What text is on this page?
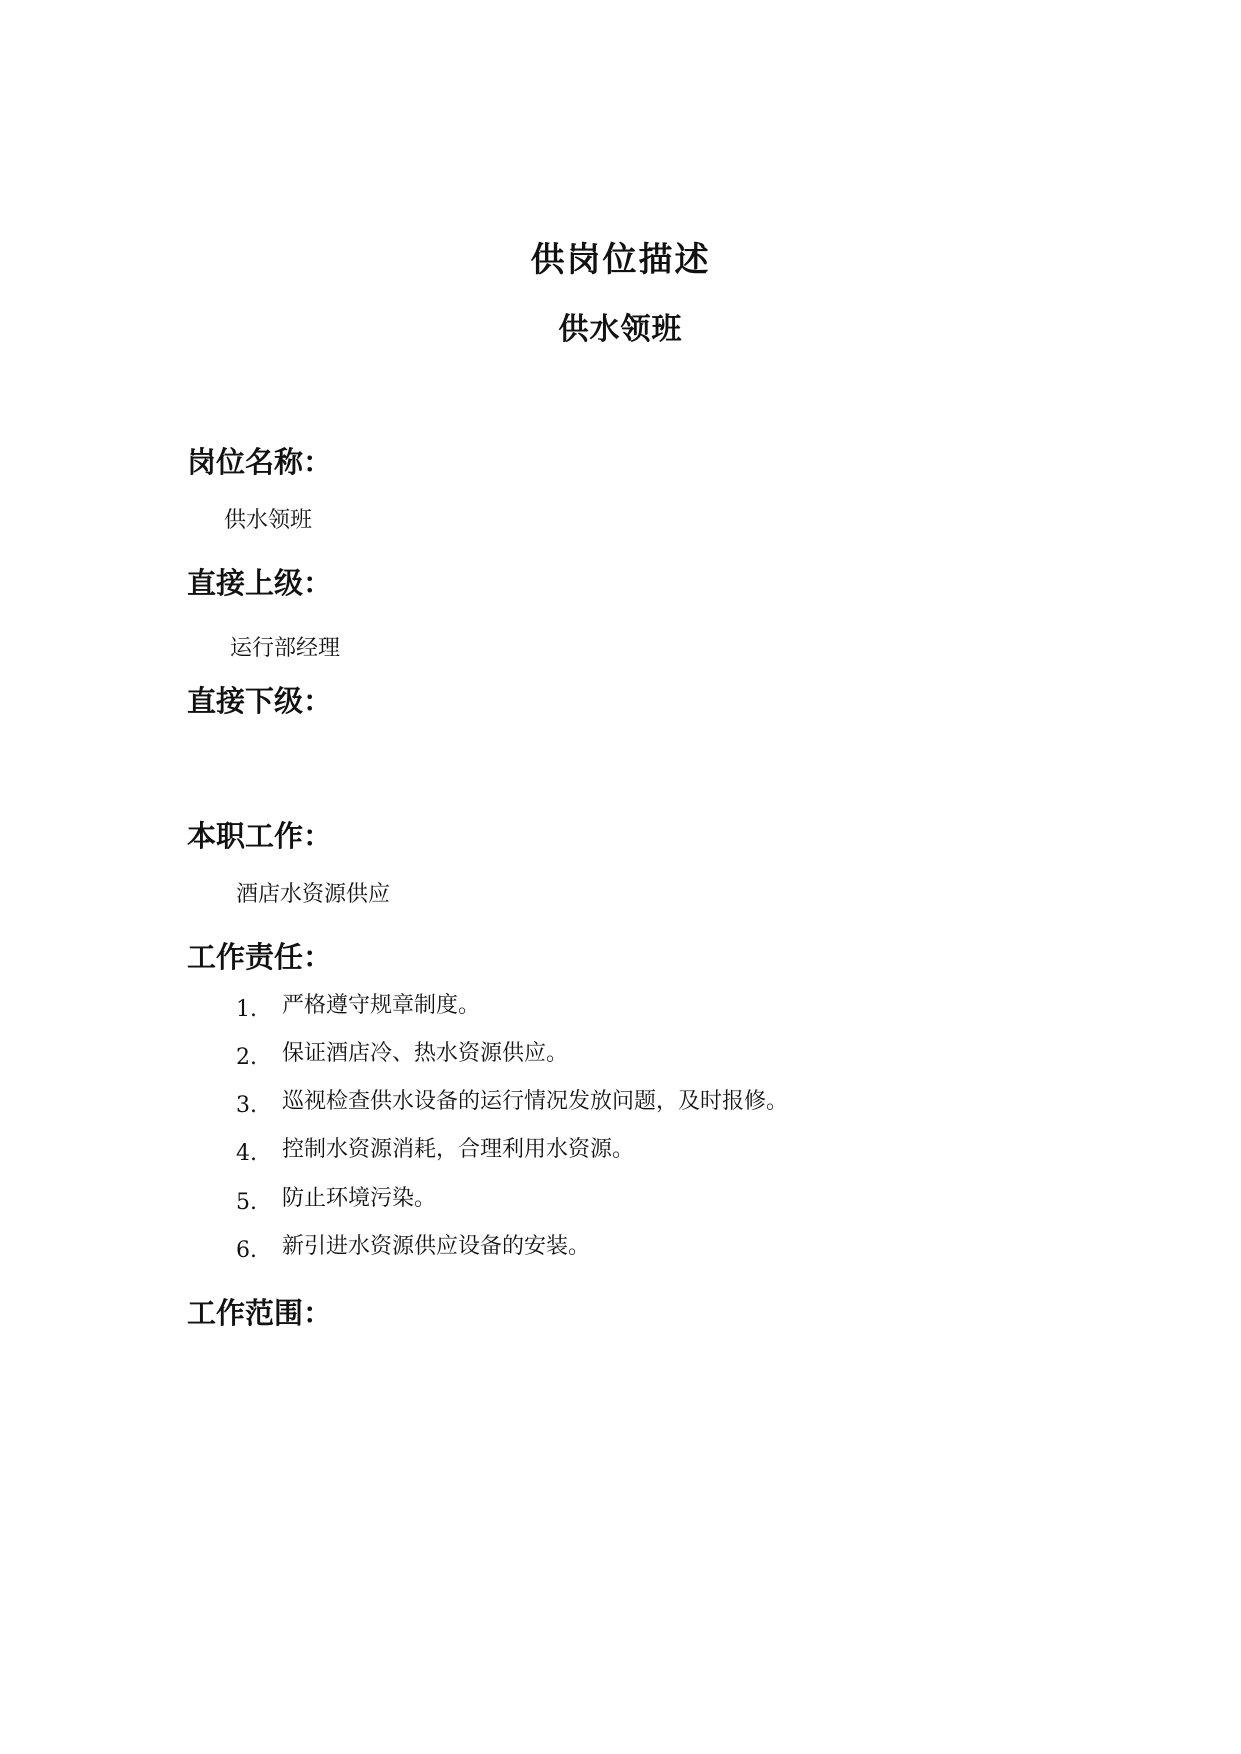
供岗位描述
供水领班
岗位名称：

供水领班

直接上级：

运行部经理

直接下级：

本职工作：

酒店水资源供应

工作责任：
1. 严格遵守规章制度。
2. 保证酒店冷、热水资源供应。
3. 巡视检查供水设备的运行情况发放问题，及时报修。
4. 控制水资源消耗，合理利用水资源。
5. 防止环境污染。
6. 新引进水资源供应设备的安装。
工作范围：
